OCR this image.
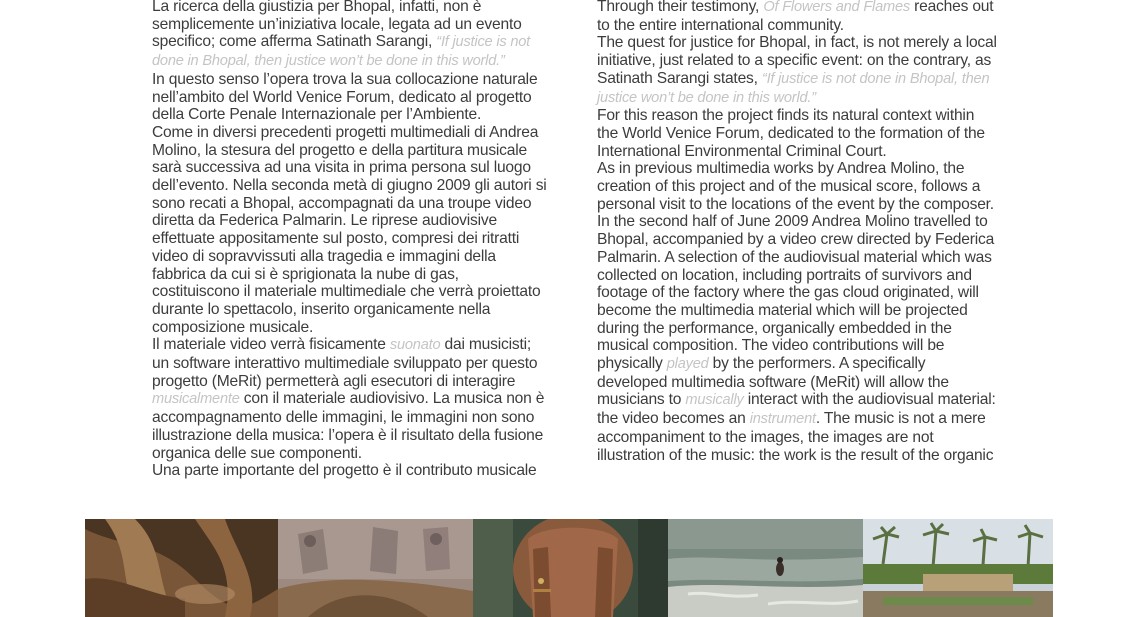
La ricerca della giustizia per Bhopal, infatti, non è semplicemente un’iniziativa locale, legata ad un evento specifico; come afferma Satinath Sarangi, “If justice is not done in Bhopal, then justice won’t be done in this world.”

In questo senso l’opera trova la sua collocazione naturale nell’ambito del World Venice Forum, dedicato al progetto della Corte Penale Internazionale per l’Ambiente.

Come in diversi precedenti progetti multimediali di Andrea Molino, la stesura del progetto e della partitura musicale sarà successiva ad una visita in prima persona sul luogo dell’evento. Nella seconda metà di giugno 2009 gli autori si sono recati a Bhopal, accompagnati da una troupe video diretta da Federica Palmarin. Le riprese audiovisive effettuate appositamente sul posto, compresi dei ritratti video di sopravvissuti alla tragedia e immagini della fabbrica da cui si è sprigionata la nube di gas, costituiscono il materiale multimediale che verrà proiettato durante lo spettacolo, inserito organicamente nella composizione musicale.

Il materiale video verrà fisicamente suonato dai musicisti; un software interattivo multimediale sviluppato per questo progetto (MeRit) permetterà agli esecutori di interagire musicalmente con il materiale audiovisivo. La musica non è accompagnamento delle immagini, le immagini non sono illustrazione della musica: l’opera è il risultato della fusione organica delle sue componenti.

Una parte importante del progetto è il contributo musicale

Through their testimony, Of Flowers and Flames reaches out to the entire international community.

The quest for justice for Bhopal, in fact, is not merely a local initiative, just related to a specific event: on the contrary, as Satinath Sarangi states, “If justice is not done in Bhopal, then justice won’t be done in this world.”

For this reason the project finds its natural context within the World Venice Forum, dedicated to the formation of the International Environmental Criminal Court.

As in previous multimedia works by Andrea Molino, the creation of this project and of the musical score, follows a personal visit to the locations of the event by the composer. In the second half of June 2009 Andrea Molino travelled to Bhopal, accompanied by a video crew directed by Federica Palmarin. A selection of the audiovisual material which was collected on location, including portraits of survivors and footage of the factory where the gas cloud originated, will become the multimedia material which will be projected during the performance, organically embedded in the musical composition. The video contributions will be physically played by the performers. A specifically developed multimedia software (MeRit) will allow the musicians to musically interact with the audiovisual material: the video becomes an instrument. The music is not a mere accompaniment to the images, the images are not illustration of the music: the work is the result of the organic
